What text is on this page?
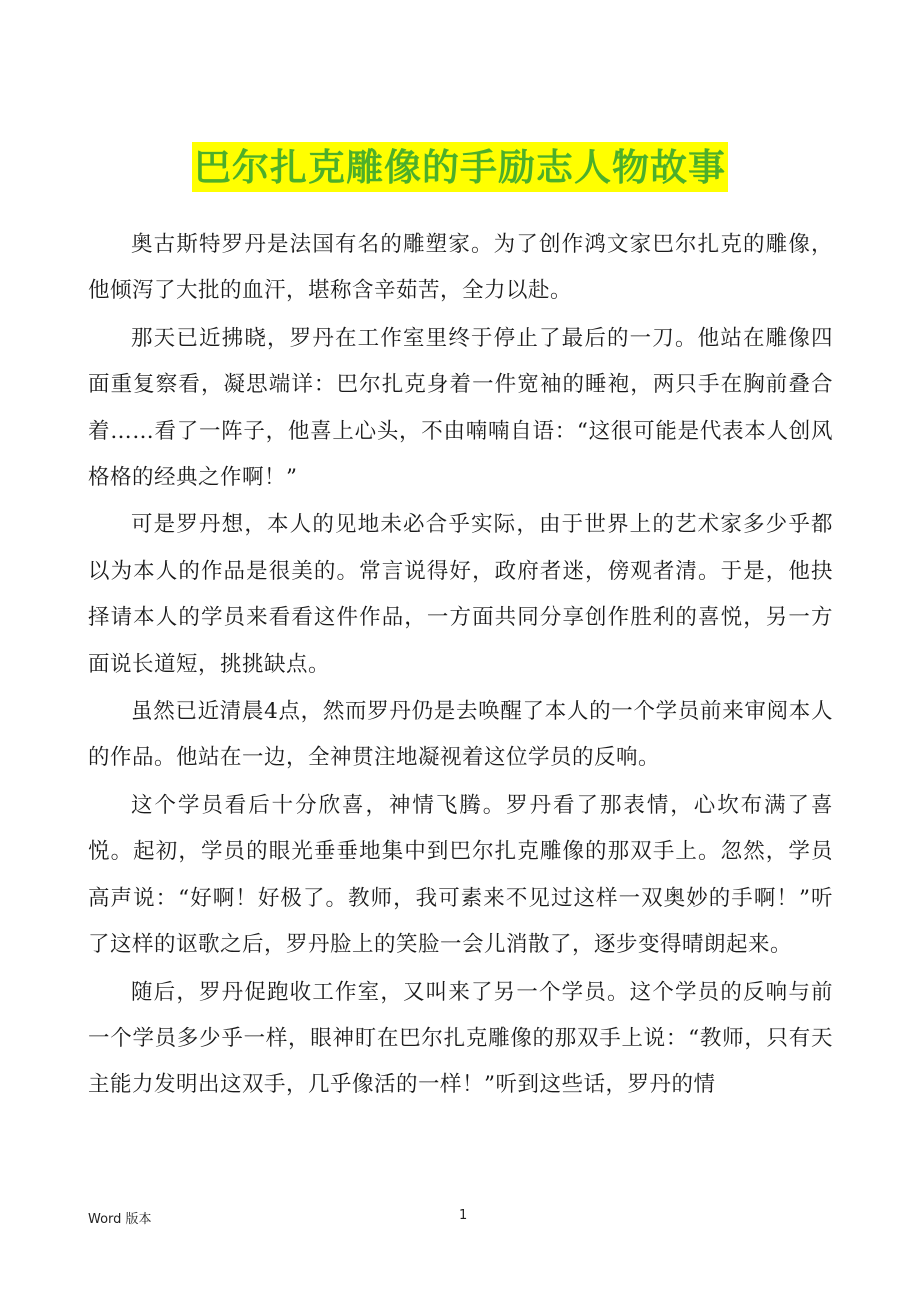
巴尔扎克雕像的手励志人物故事

奥古斯特罗丹是法国有名的雕塑家。为了创作鸿文家巴尔扎克的雕像，他倾泻了大批的血汗，堪称含辛茹苦，全力以赴。

那天已近拂晓，罗丹在工作室里终于停止了最后的一刀。他站在雕像四面重复察看，凝思端详：巴尔扎克身着一件宽袖的睡袍，两只手在胸前叠合着……看了一阵子，他喜上心头，不由喃喃自语：“这很可能是代表本人创风格格的经典之作啊！”

可是罗丹想，本人的见地未必合乎实际，由于世界上的艺术家多少乎都以为本人的作品是很美的。常言说得好，政府者迷，傍观者清。于是，他抉择请本人的学员来看看这件作品，一方面共同分享创作胜利的喜悦，另一方面说长道短，挑挑缺点。

虽然已近清晨4点，然而罗丹仍是去唤醒了本人的一个学员前来审阅本人的作品。他站在一边，全神贯注地凝视着这位学员的反响。

这个学员看后十分欣喜，神情飞腾。罗丹看了那表情，心坎布满了喜悦。起初，学员的眼光垂垂地集中到巴尔扎克雕像的那双手上。忽然，学员高声说：“好啊！好极了。教师，我可素来不见过这样一双奥妙的手啊！”听了这样的讴歌之后，罗丹脸上的笑脸一会儿消散了，逐步变得晴朗起来。

随后，罗丹促跑收工作室，又叫来了另一个学员。这个学员的反响与前一个学员多少乎一样，眼神盯在巴尔扎克雕像的那双手上说：“教师，只有天主能力发明出这双手，几乎像活的一样！”听到这些话，罗丹的情

Word 版本	1
